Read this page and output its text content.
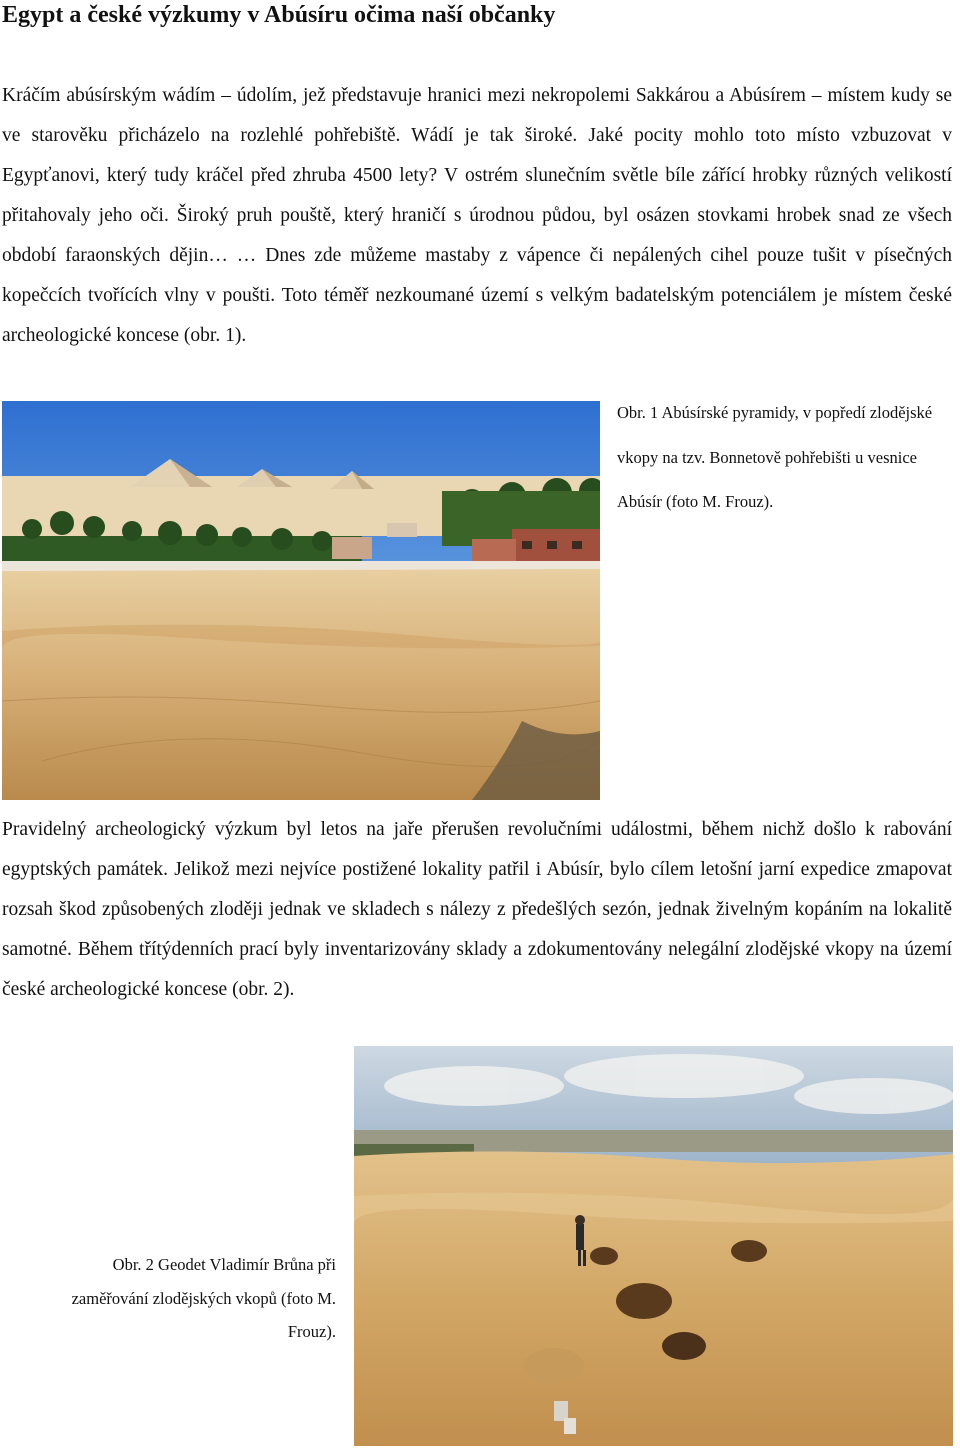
Egypt a české výzkumy v Abúsíru očima naší občanky

Kráčím abúsírským wádím – údolím, jež představuje hranici mezi nekropolemi Sakkárou a Abúsírem – místem kudy se ve starověku přicházelo na rozlehlé pohřebiště. Wádí je tak široké. Jaké pocity mohlo toto místo vzbuzovat v Egypťanovi, který tudy kráčel před zhruba 4500 lety? V ostrém slunečním světle bíle zářící hrobky různých velikostí přitahovaly jeho oči. Široký pruh pouště, který hraničí s úrodnou půdou, byl osázen stovkami hrobek snad ze všech období faraonských dějin… … Dnes zde můžeme mastaby z vápence či nepálených cihel pouze tušit v písečných kopečcích tvořících vlny v poušti. Toto téměř nezkoumané území s velkým badatelským potenciálem je místem české archeologické koncese (obr. 1).

Obr. 1 Abúsírské pyramidy, v popředí zlodějské vkopy na tzv. Bonnetově pohřebišti u vesnice Abúsír (foto M. Frouz).

Pravidelný archeologický výzkum byl letos na jaře přerušen revolučními událostmi, během nichž došlo k rabování egyptských památek. Jelikož mezi nejvíce postižené lokality patřil i Abúsír, bylo cílem letošní jarní expedice zmapovat rozsah škod způsobených zloději jednak ve skladech s nálezy z předešlých sezón, jednak živelným kopáním na lokalitě samotné. Během třítýdenních prací byly inventarizovány sklady a zdokumentovány nelegální zlodějské vkopy na území české archeologické koncese (obr. 2).

Obr. 2 Geodet Vladimír Brůna při zaměřování zlodějských vkopů (foto M. Frouz).
